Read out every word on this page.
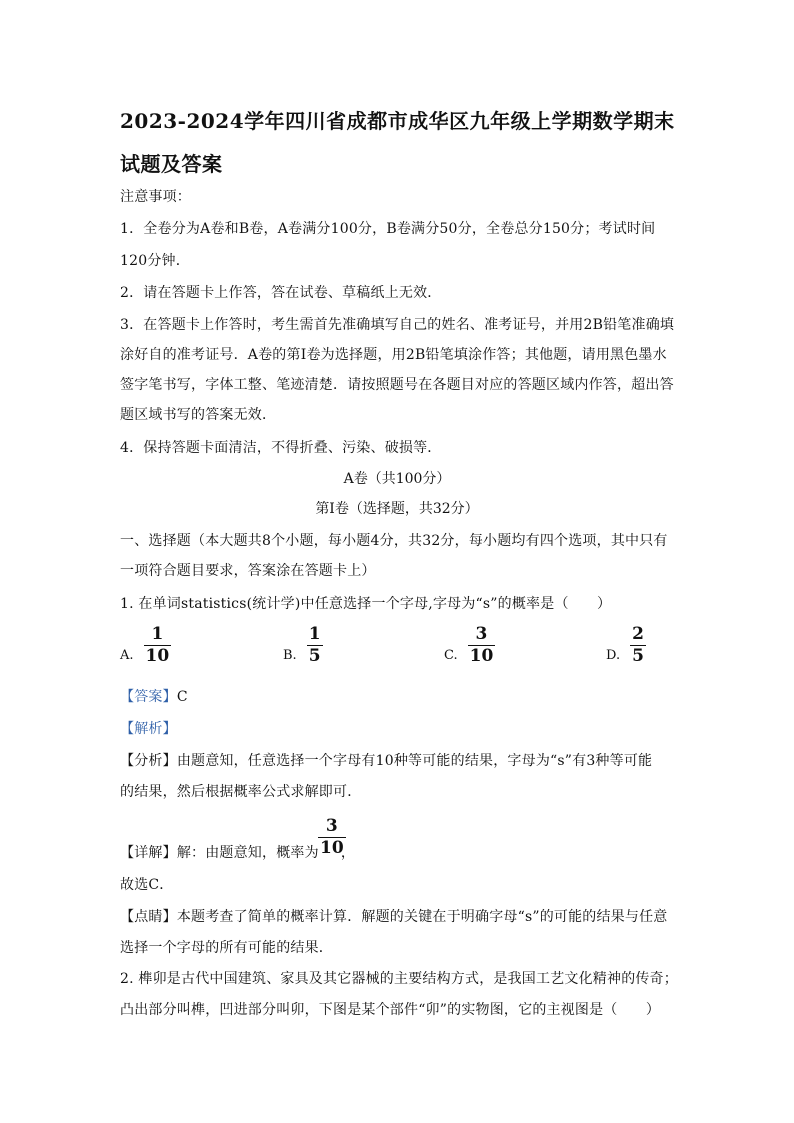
2023-2024学年四川省成都市成华区九年级上学期数学期末
试题及答案
注意事项：
1．全卷分为A卷和B卷，A卷满分100分，B卷满分50分，全卷总分150分；考试时间
120分钟．
2．请在答题卡上作答，答在试卷、草稿纸上无效．
3．在答题卡上作答时，考生需首先准确填写自己的姓名、准考证号，并用2B铅笔准确填
涂好自的准考证号．A卷的第Ⅰ卷为选择题，用2B铅笔填涂作答；其他题，请用黑色墨水
签字笔书写，字体工整、笔迹清楚．请按照题号在各题目对应的答题区域内作答，超出答
题区域书写的答案无效．
4．保持答题卡面清洁，不得折叠、污染、破损等．
A卷（共100分）
第Ⅰ卷（选择题，共32分）
一、选择题（本大题共8个小题，每小题4分，共32分，每小题均有四个选项，其中只有
一项符合题目要求，答案涂在答题卡上）
1. 在单词statistics(统计学)中任意选择一个字母,字母为“s”的概率是（　　）
A. $\frac{1}{10}$	B. $\frac{1}{5}$	C. $\frac{3}{10}$	D. $\frac{2}{5}$
【答案】C
【解析】
【分析】由题意知，任意选择一个字母有10种等可能的结果，字母为“s”有3种等可能
的结果，然后根据概率公式求解即可．
3
10
【详解】解：由题意知，概率为 ，
故选C．
【点睛】本题考查了简单的概率计算．解题的关键在于明确字母“s”的可能的结果与任意
选择一个字母的所有可能的结果．
2. 榫卯是古代中国建筑、家具及其它器械的主要结构方式，是我国工艺文化精神的传奇；
凸出部分叫榫，凹进部分叫卯，下图是某个部件“卯”的实物图，它的主视图是（　　）
